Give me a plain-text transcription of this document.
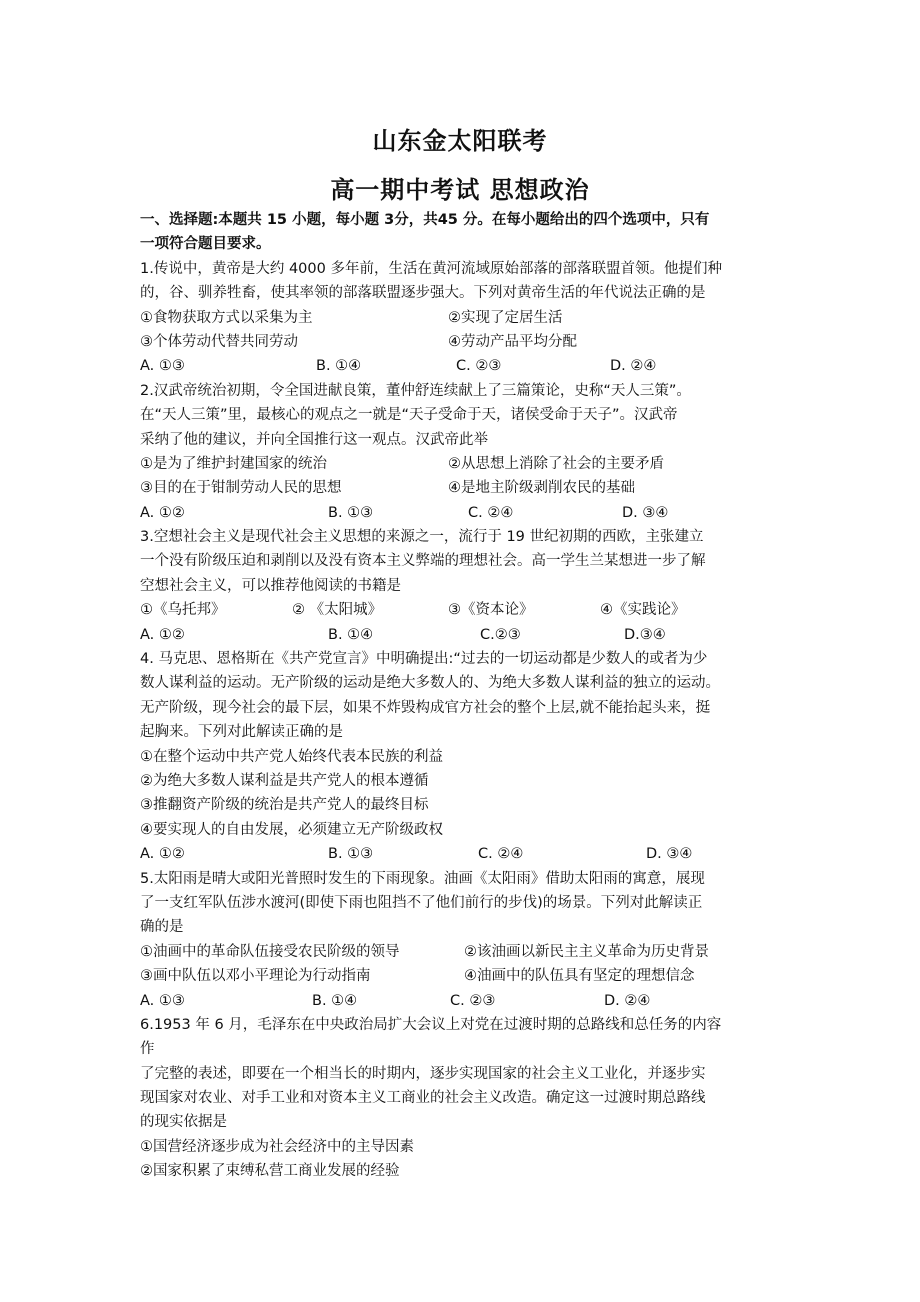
山东金太阳联考
高一期中考试 思想政治
一、选择题:本题共 15 小题，每小题 3分，共45 分。在每小题给出的四个选项中，只有
一项符合题目要求。
1.传说中，黄帝是大约 4000 多年前，生活在黄河流域原始部落的部落联盟首领。他提们种
的，谷、驯养牲畜，使其率领的部落联盟逐步强大。下列对黄帝生活的年代说法正确的是
①食物获取方式以采集为主	②实现了定居生活
③个体劳动代替共同劳动	④劳动产品平均分配
A. ①③	B. ①④	C. ②③	D. ②④
2.汉武帝统治初期，令全国进献良策，董仲舒连续献上了三篇策论，史称“天人三策”。
在“天人三策”里，最核心的观点之一就是“天子受命于天，诸侯受命于天子”。汉武帝
采纳了他的建议，并向全国推行这一观点。汉武帝此举
①是为了维护封建国家的统治	②从思想上消除了社会的主要矛盾
③目的在于钳制劳动人民的思想	④是地主阶级剥削农民的基础
A. ①②	B. ①③	C. ②④	D. ③④
3.空想社会主义是现代社会主义思想的来源之一，流行于 19 世纪初期的西欧，主张建立
一个没有阶级压迫和剥削以及没有资本主义弊端的理想社会。高一学生兰某想进一步了解
空想社会主义，可以推荐他阅读的书籍是
①《乌托邦》	② 《太阳城》	③《资本论》	④《实践论》
A. ①②	B. ①④	C.②③	D.③④
4. 马克思、恩格斯在《共产党宣言》中明确提出:“过去的一切运动都是少数人的或者为少
数人谋利益的运动。无产阶级的运动是绝大多数人的、为绝大多数人谋利益的独立的运动。
无产阶级，现今社会的最下层，如果不炸毁构成官方社会的整个上层,就不能抬起头来，挺
起胸来。下列对此解读正确的是
①在整个运动中共产党人始终代表本民族的利益
②为绝大多数人谋利益是共产党人的根本遵循
③推翻资产阶级的统治是共产党人的最终目标
④要实现人的自由发展，必须建立无产阶级政权
A. ①②	B. ①③	C. ②④	D. ③④
5.太阳雨是晴大或阳光普照时发生的下雨现象。油画《太阳雨》借助太阳雨的寓意，展现
了一支红军队伍涉水渡河(即使下雨也阻挡不了他们前行的步伐)的场景。下列对此解读正
确的是
①油画中的革命队伍接受农民阶级的领导	②该油画以新民主主义革命为历史背景
③画中队伍以邓小平理论为行动指南	④油画中的队伍具有坚定的理想信念
A. ①③	B. ①④	C. ②③	D. ②④
6.1953 年 6 月，毛泽东在中央政治局扩大会议上对党在过渡时期的总路线和总任务的内容
作
了完整的表述，即要在一个相当长的时期内，逐步实现国家的社会主义工业化，并逐步实
现国家对农业、对手工业和对资本主义工商业的社会主义改造。确定这一过渡时期总路线
的现实依据是
①国营经济逐步成为社会经济中的主导因素
②国家积累了束缚私营工商业发展的经验
